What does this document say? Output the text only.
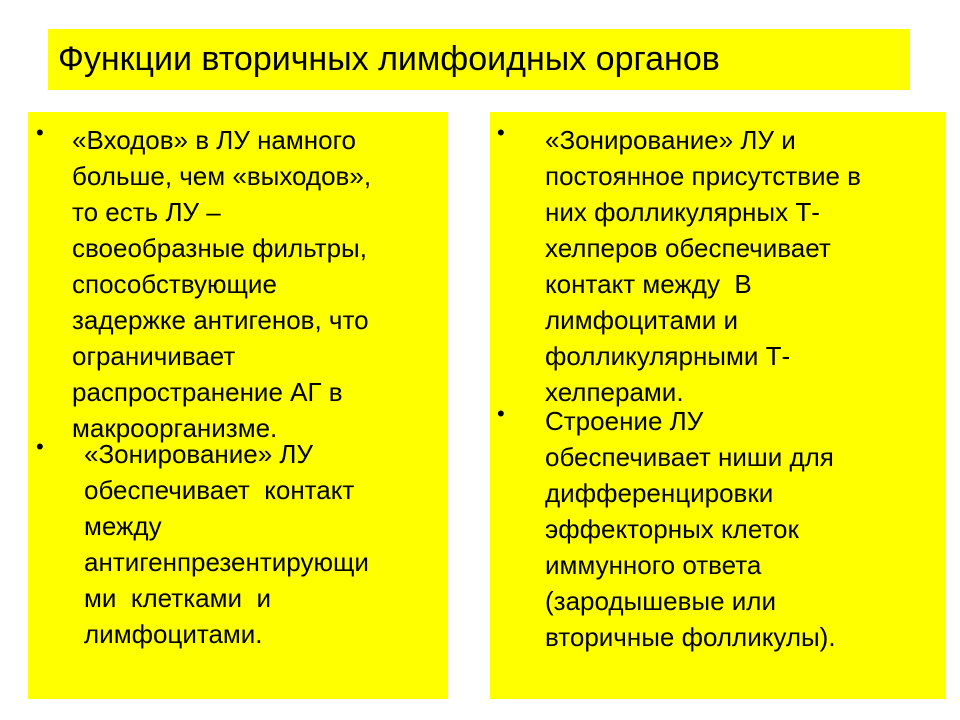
Функции вторичных лимфоидных органов
• «Входов» в ЛУ намного
больше, чем «выходов»,
то есть ЛУ –
своеобразные фильтры,
способствующие
задержке антигенов, что
ограничивает
распространение АГ в
макроорганизме.

• «Зонирование» ЛУ
обеспечивает  контакт
между
антигенпрезентирующи
ми  клетками  и
лимфоцитами.

• «Зонирование» ЛУ и
постоянное присутствие в
них фолликулярных Т-
хелперов обеспечивает
контакт между  В
лимфоцитами и
фолликулярными Т-
хелперами.

• Строение ЛУ
обеспечивает ниши для
дифференцировки
эффекторных клеток
иммунного ответа
(зародышевые или
вторичные фолликулы).
